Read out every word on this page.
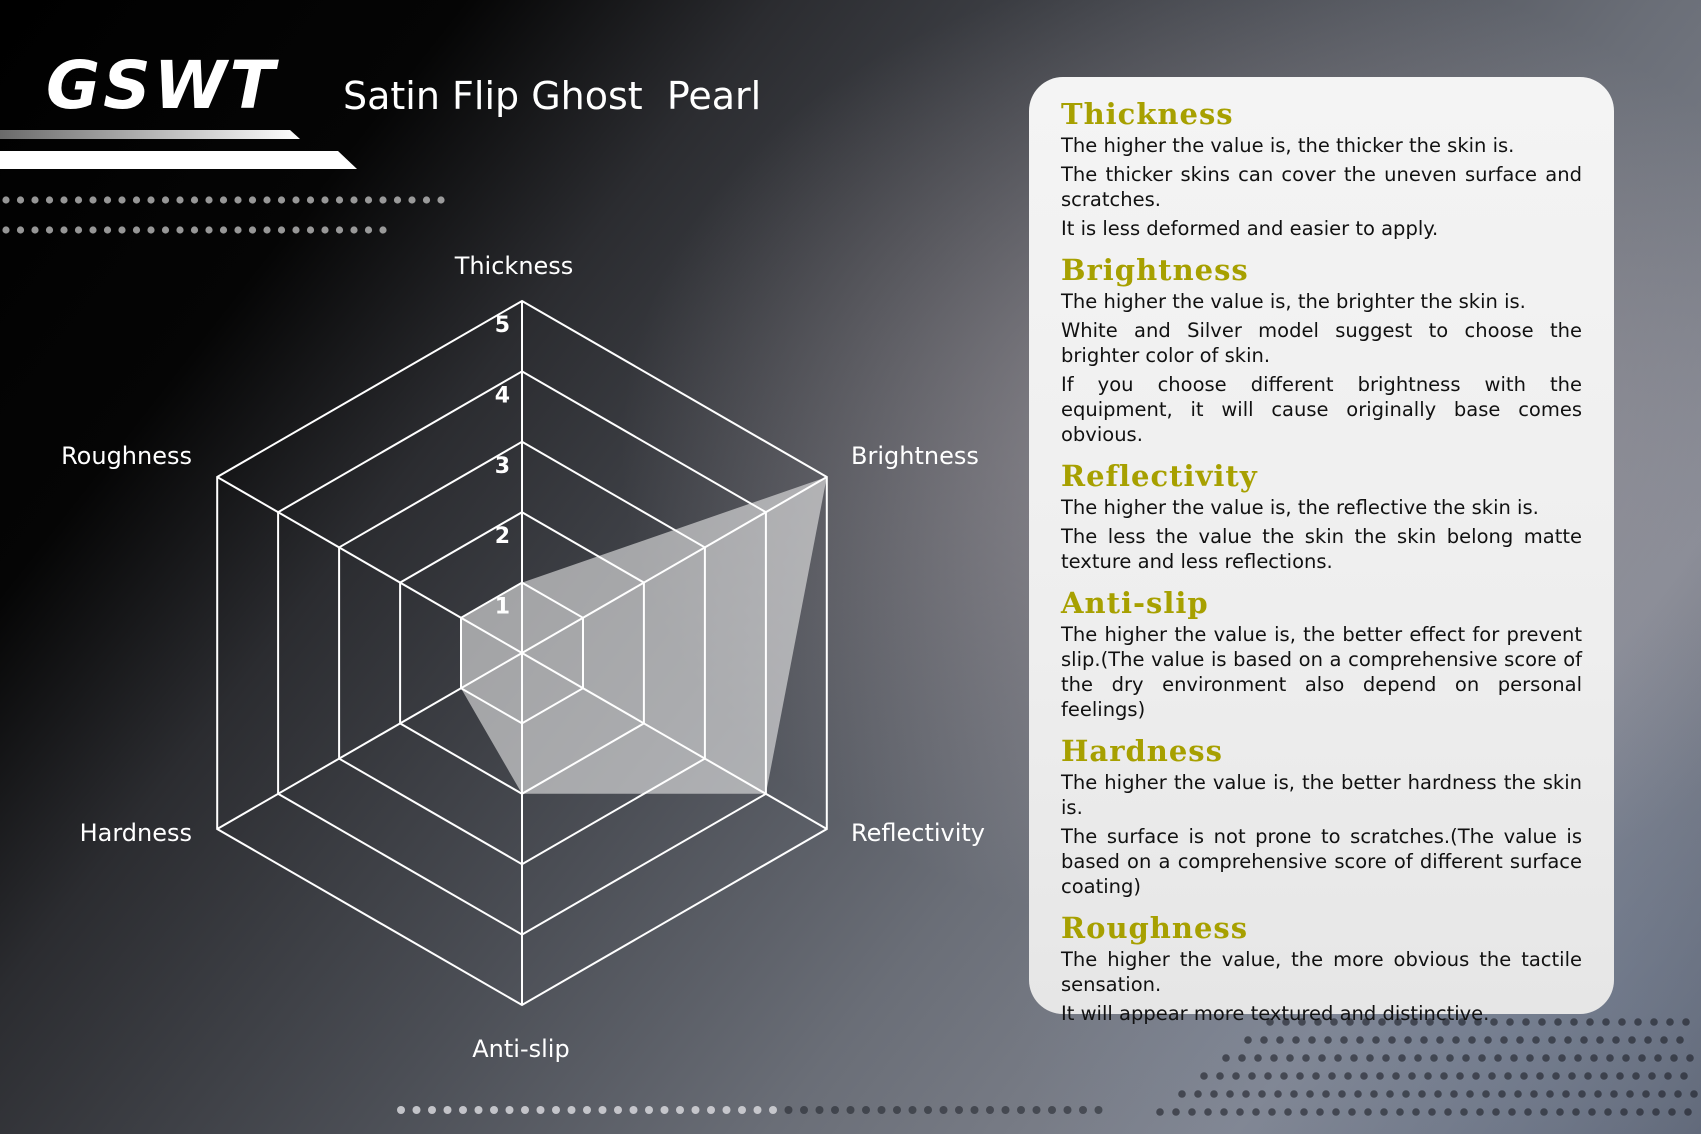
GSWT Satin Flip Ghost  Pearl
1
2
3
4
5
Thickness
Brightness
Reflectivity
Anti-slip
Hardness
Roughness
Thickness

The higher the value is, the thicker the skin is.

The thicker skins can cover the uneven surface and scratches.

It is less deformed and easier to apply.

Brightness

The higher the value is, the brighter the skin is.

White and Silver model suggest to choose the brighter color of skin.

If you choose different brightness with the equipment, it will cause originally base comes obvious.

Reflectivity

The higher the value is, the reflective the skin is.

The less the value the skin the skin belong matte texture and less reflections.

Anti-slip

The higher the value is, the better effect for prevent slip.(The value is based on a comprehensive score of the dry environment also depend on personal feelings)

Hardness

The higher the value is, the better hardness the skin is.

The surface is not prone to scratches.(The value is based on a comprehensive score of different surface coating)

Roughness

The higher the value, the more obvious the tactile sensation.

It will appear more textured and distinctive.
